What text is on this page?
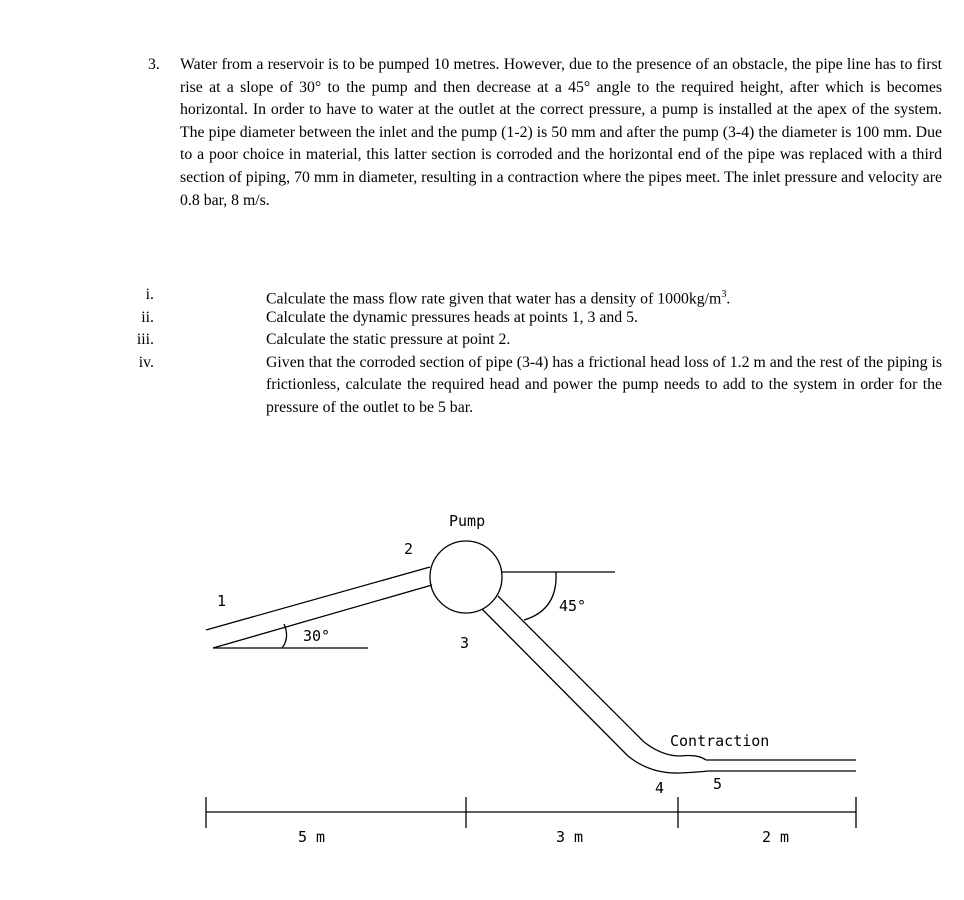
3. Water from a reservoir is to be pumped 10 metres. However, due to the presence of an obstacle, the pipe line has to first rise at a slope of 30° to the pump and then decrease at a 45° angle to the required height, after which is becomes horizontal. In order to have to water at the outlet at the correct pressure, a pump is installed at the apex of the system. The pipe diameter between the inlet and the pump (1-2) is 50 mm and after the pump (3-4) the diameter is 100 mm. Due to a poor choice in material, this latter section is corroded and the horizontal end of the pipe was replaced with a third section of piping, 70 mm in diameter, resulting in a contraction where the pipes meet. The inlet pressure and velocity are 0.8 bar, 8 m/s.
i.	Calculate the mass flow rate given that water has a density of $1000kg/m^3$.
ii.	Calculate the dynamic pressures heads at points 1, 3 and 5.
iii.	Calculate the static pressure at point 2.
iv.	Given that the corroded section of pipe (3-4) has a frictional head loss of 1.2 m and the rest of the piping is frictionless, calculate the required head and power the pump needs to add to the system in order for the pressure of the outlet to be 5 bar.
Pump
1
2
3
4	5
30°
45°
Contraction
5 m	3 m	2 m
